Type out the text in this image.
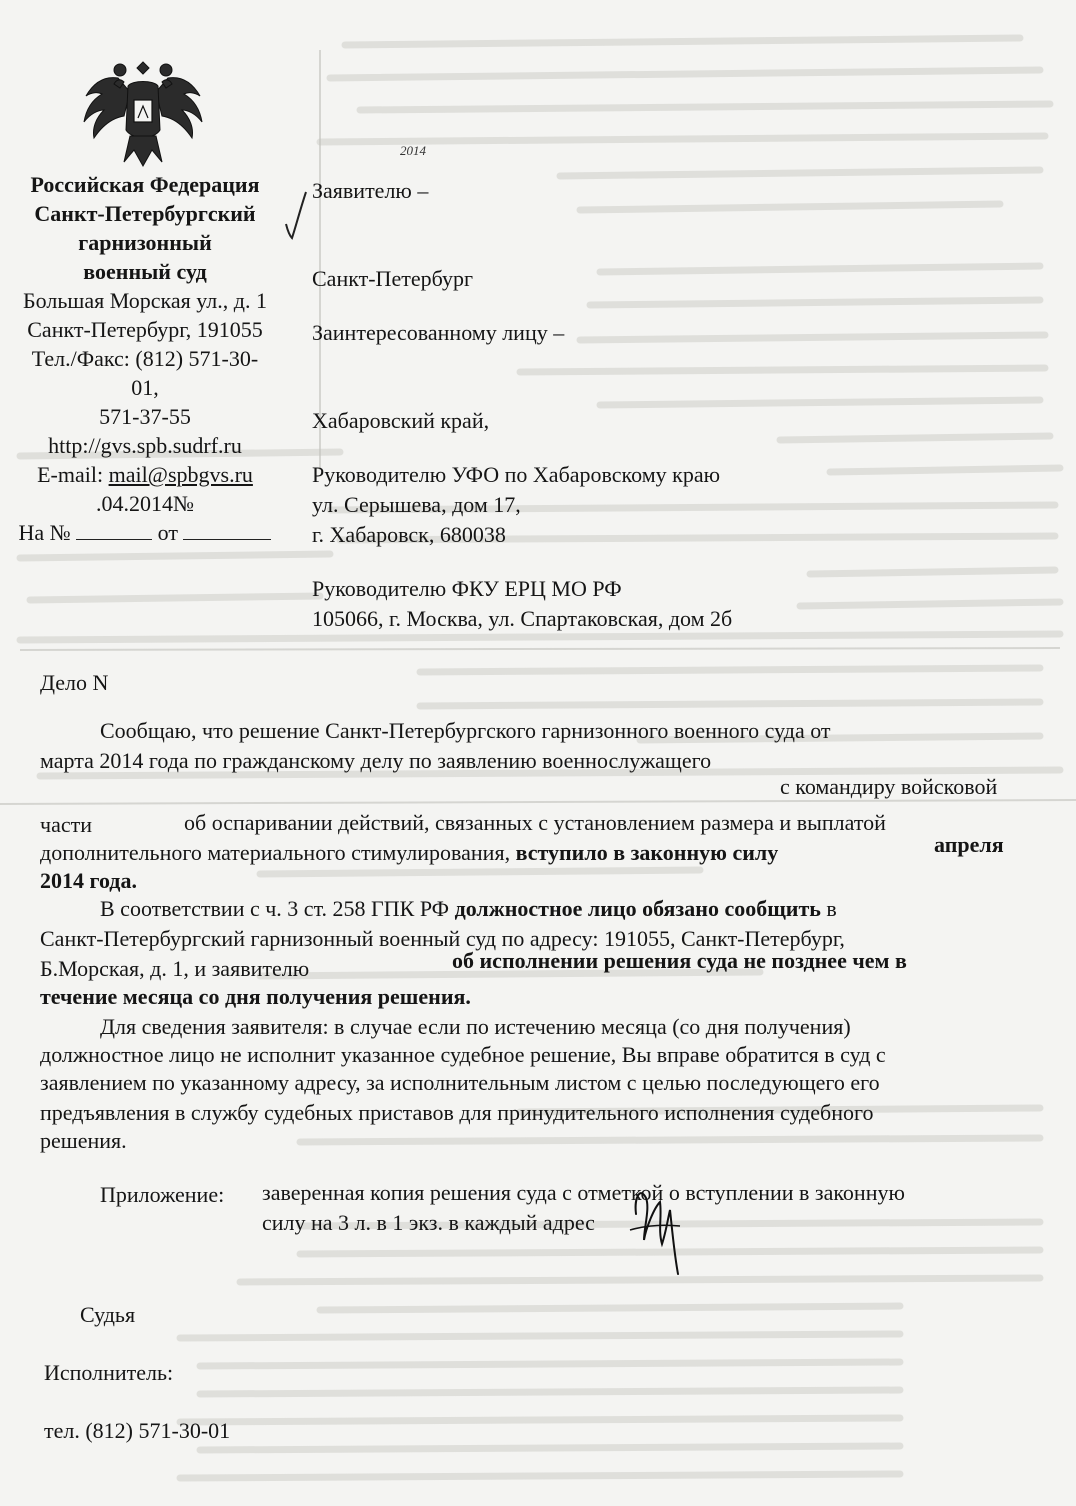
Российская Федерация
Санкт-Петербургский
гарнизонный
военный суд
Большая Морская ул., д. 1
Санкт-Петербург, 191055
Тел./Факс: (812) 571-30-
01,
571-37-55
http://gvs.spb.sudrf.ru
E-mail: mail@spbgvs.ru
.04.2014№
На №	от

Заявителю –

Санкт-Петербург

Заинтересованному лицу –

Хабаровский край,

Руководителю УФО по Хабаровскому краю
ул. Серышева, дом 17,
г. Хабаровск, 680038
Руководителю ФКУ ЕРЦ МО РФ
105066, г. Москва, ул. Спартаковская, дом 2б

Дело N

Сообщаю, что решение Санкт-Петербургского гарнизонного военного суда от

марта 2014 года по гражданскому делу по заявлению военнослужащего

с командиру войсковой

части	об оспаривании действий, связанных с установлением размера и выплатой

дополнительного материального стимулирования, вступило в законную силу	апреля

2014 года.

В соответствии с ч. 3 ст. 258 ГПК РФ должностное лицо обязано сообщить в

Санкт-Петербургский гарнизонный военный суд по адресу: 191055, Санкт-Петербург,

Б.Морская, д. 1, и заявителю	об исполнении решения суда не позднее чем в

течение месяца со дня получения решения.

Для сведения заявителя: в случае если по истечению месяца (со дня получения)

должностное лицо не исполнит указанное судебное решение, Вы вправе обратится в суд с

заявлением по указанному адресу, за исполнительным листом с целью последующего его

предъявления в службу судебных приставов для принудительного исполнения судебного

решения.

Приложение: заверенная копия решения суда с отметкой о вступлении в законную

силу на 3 л. в 1 экз. в каждый адрес

2014

Судья

Исполнитель:

тел. (812) 571-30-01
